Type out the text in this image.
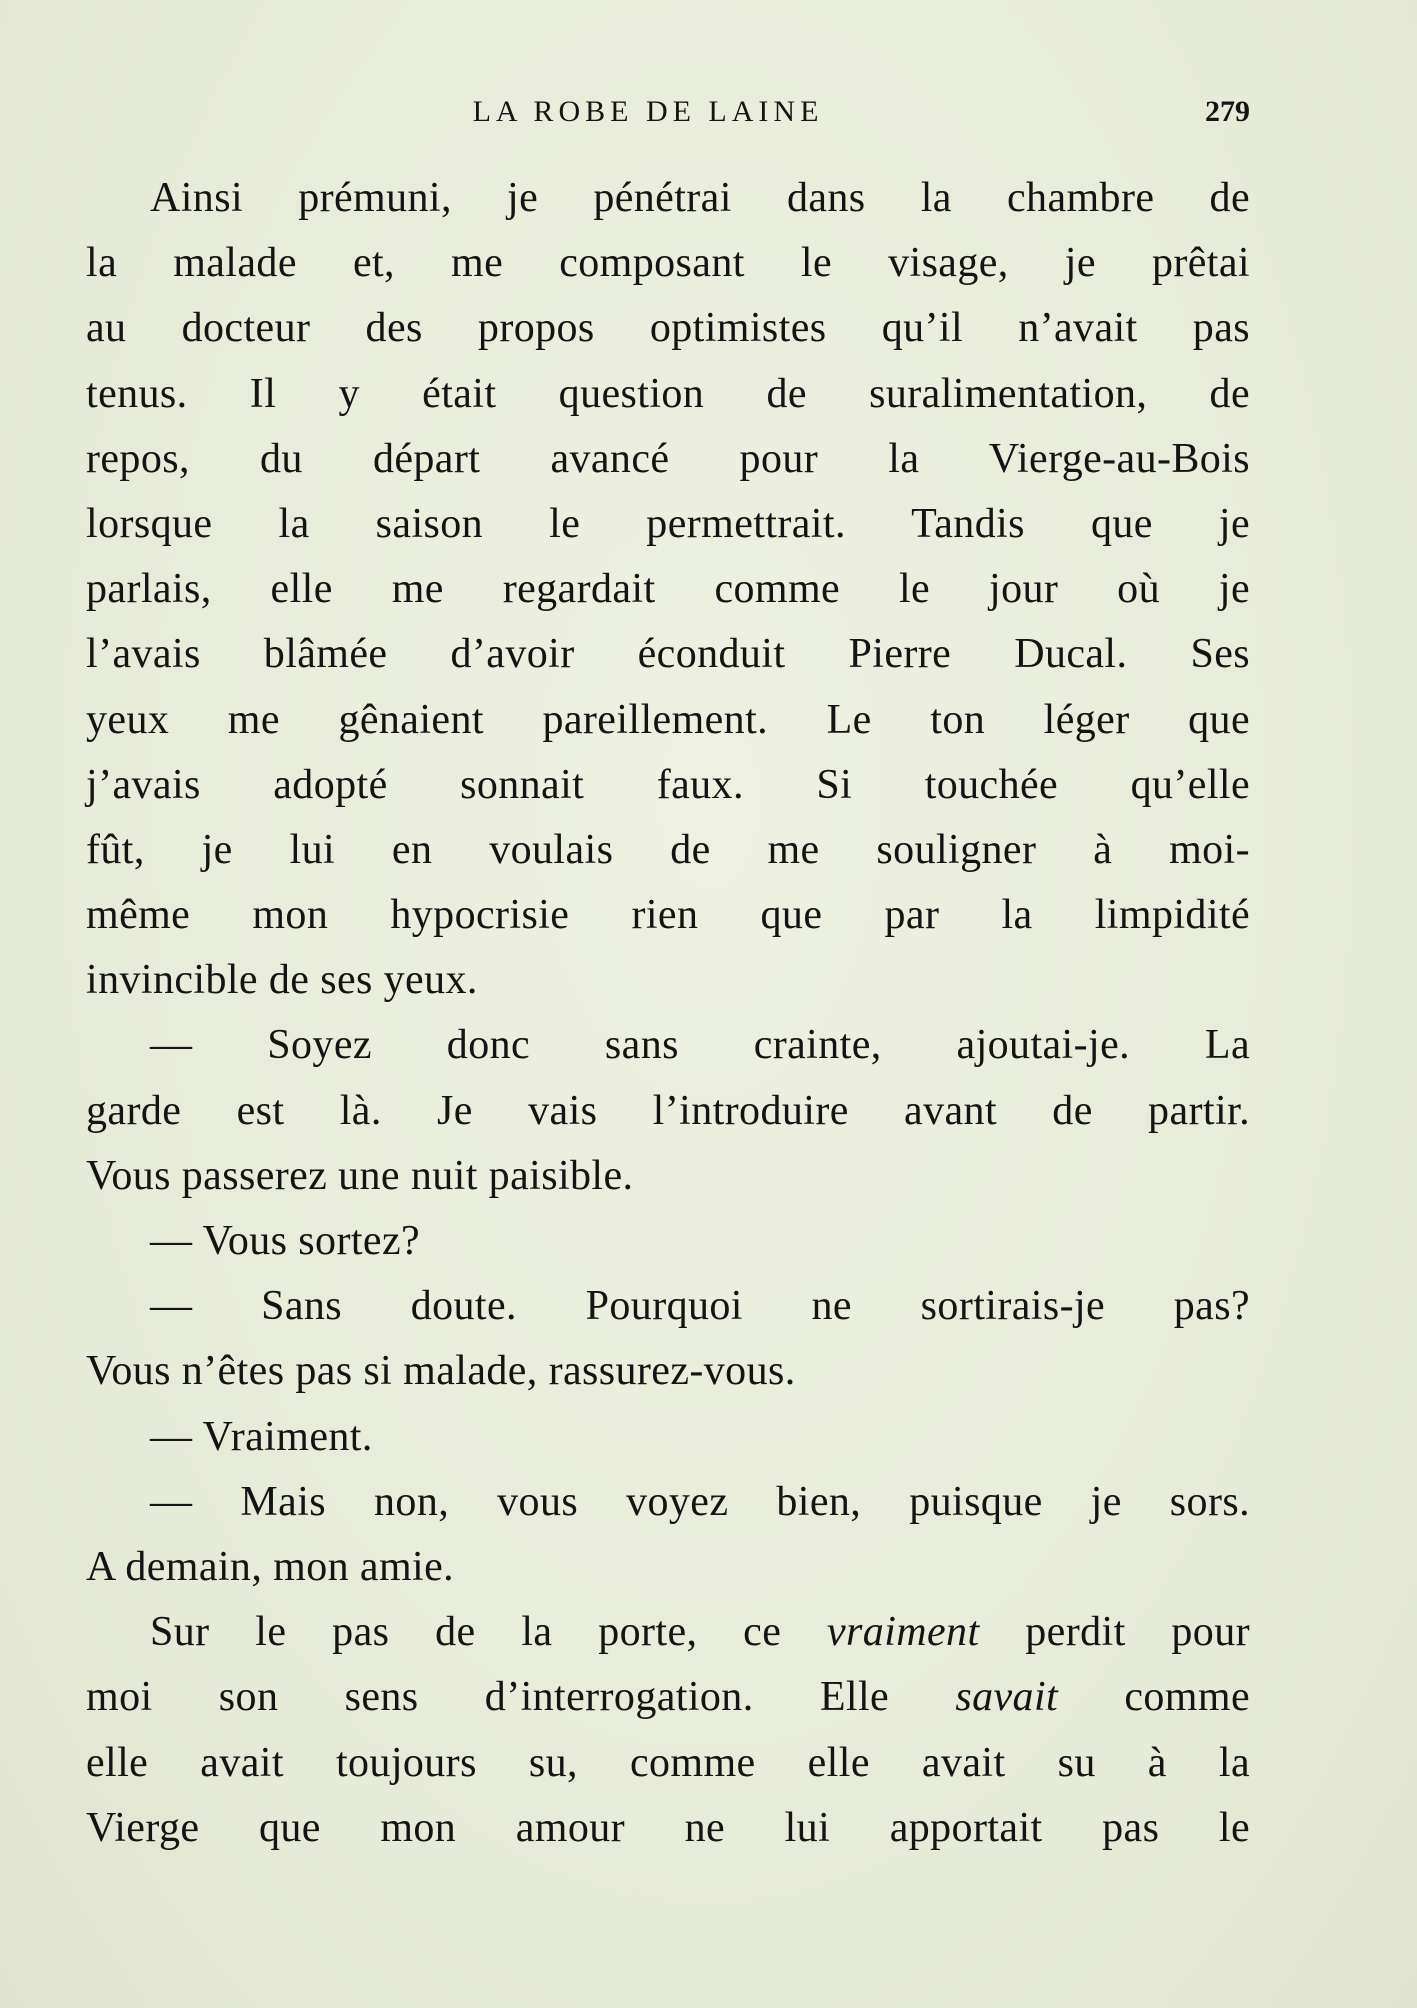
LA ROBE DE LAINE	279
Ainsi prémuni, je pénétrai dans la chambre de
la malade et, me composant le visage, je prêtai
au docteur des propos optimistes qu’il n’avait pas
tenus. Il y était question de suralimentation, de
repos, du départ avancé pour la Vierge-au-Bois
lorsque la saison le permettrait. Tandis que je
parlais, elle me regardait comme le jour où je
l’avais blâmée d’avoir éconduit Pierre Ducal. Ses
yeux me gênaient pareillement. Le ton léger que
j’avais adopté sonnait faux. Si touchée qu’elle
fût, je lui en voulais de me souligner à moi-
même mon hypocrisie rien que par la limpidité
invincible de ses yeux.
— Soyez donc sans crainte, ajoutai-je. La
garde est là. Je vais l’introduire avant de partir.
Vous passerez une nuit paisible.
— Vous sortez?
— Sans doute. Pourquoi ne sortirais-je pas?
Vous n’êtes pas si malade, rassurez-vous.
— Vraiment.
— Mais non, vous voyez bien, puisque je sors.
A demain, mon amie.
Sur le pas de la porte, ce vraiment perdit pour
moi son sens d’interrogation. Elle savait comme
elle avait toujours su, comme elle avait su à la
Vierge que mon amour ne lui apportait pas le
